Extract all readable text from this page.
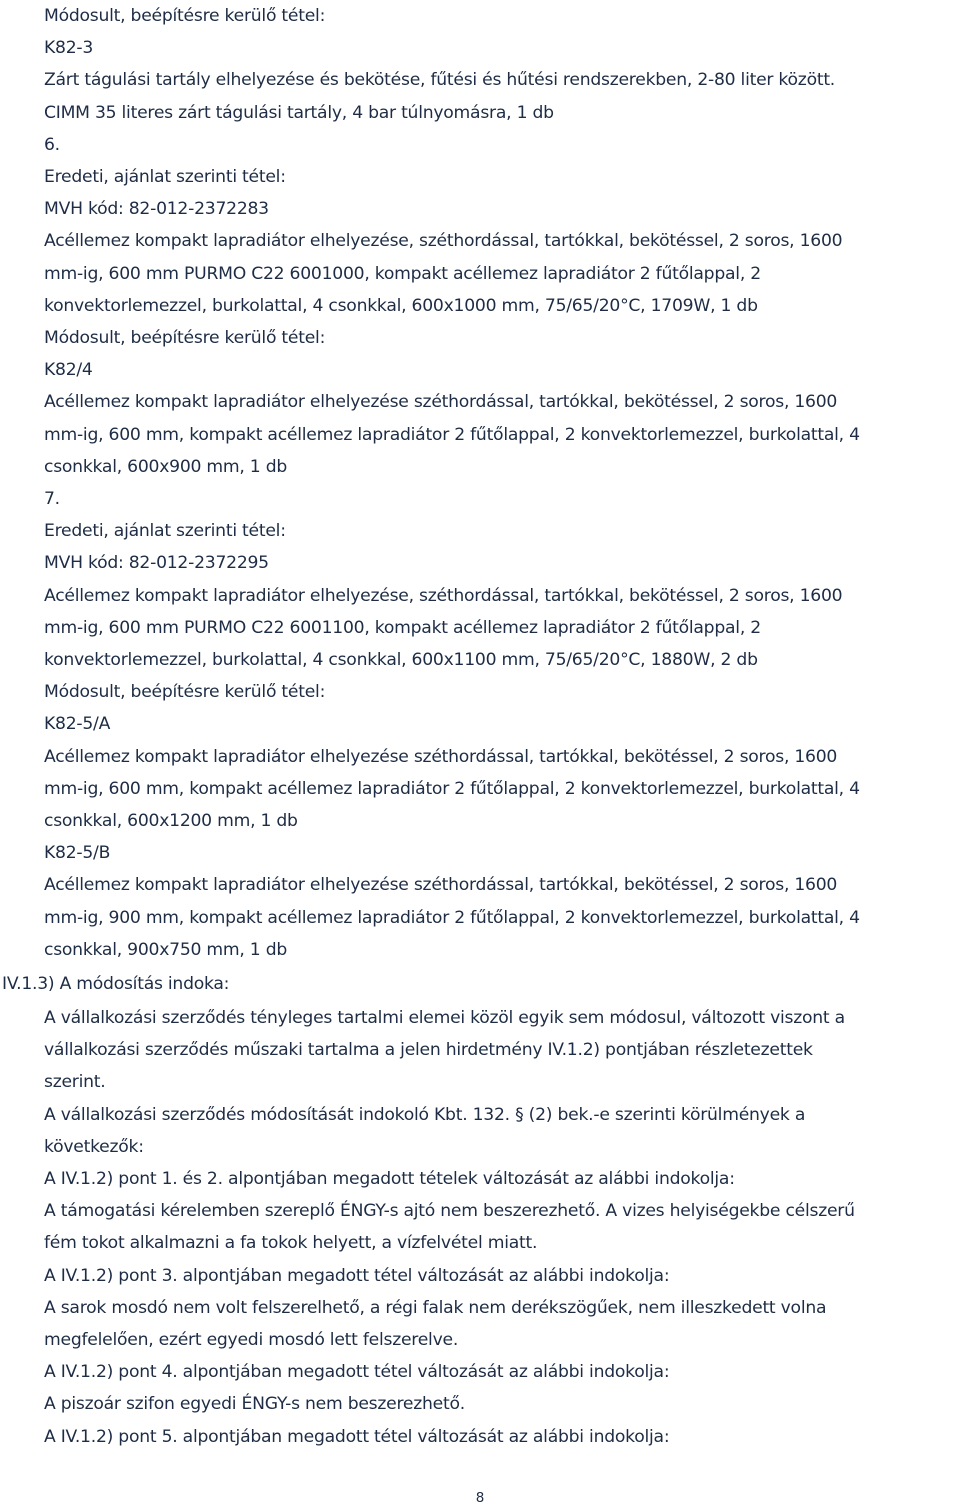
Módosult, beépítésre kerülő tétel:
K82-3
Zárt tágulási tartály elhelyezése és bekötése, fűtési és hűtési rendszerekben, 2-80 liter között.
CIMM 35 literes zárt tágulási tartály, 4 bar túlnyomásra, 1 db
6.
Eredeti, ajánlat szerinti tétel:
MVH kód: 82-012-2372283
Acéllemez kompakt lapradiátor elhelyezése, széthordással, tartókkal, bekötéssel, 2 soros, 1600
mm-ig, 600 mm PURMO C22 6001000, kompakt acéllemez lapradiátor 2 fűtőlappal, 2
konvektorlemezzel, burkolattal, 4 csonkkal, 600x1000 mm, 75/65/20°C, 1709W, 1 db
Módosult, beépítésre kerülő tétel:
K82/4
Acéllemez kompakt lapradiátor elhelyezése széthordással, tartókkal, bekötéssel, 2 soros, 1600
mm-ig, 600 mm, kompakt acéllemez lapradiátor 2 fűtőlappal, 2 konvektorlemezzel, burkolattal, 4
csonkkal, 600x900 mm, 1 db
7.
Eredeti, ajánlat szerinti tétel:
MVH kód: 82-012-2372295
Acéllemez kompakt lapradiátor elhelyezése, széthordással, tartókkal, bekötéssel, 2 soros, 1600
mm-ig, 600 mm PURMO C22 6001100, kompakt acéllemez lapradiátor 2 fűtőlappal, 2
konvektorlemezzel, burkolattal, 4 csonkkal, 600x1100 mm, 75/65/20°C, 1880W, 2 db
Módosult, beépítésre kerülő tétel:
K82-5/A
Acéllemez kompakt lapradiátor elhelyezése széthordással, tartókkal, bekötéssel, 2 soros, 1600
mm-ig, 600 mm, kompakt acéllemez lapradiátor 2 fűtőlappal, 2 konvektorlemezzel, burkolattal, 4
csonkkal, 600x1200 mm, 1 db
K82-5/B
Acéllemez kompakt lapradiátor elhelyezése széthordással, tartókkal, bekötéssel, 2 soros, 1600
mm-ig, 900 mm, kompakt acéllemez lapradiátor 2 fűtőlappal, 2 konvektorlemezzel, burkolattal, 4
csonkkal, 900x750 mm, 1 db
IV.1.3) A módosítás indoka:
A vállalkozási szerződés tényleges tartalmi elemei közöl egyik sem módosul, változott viszont a
vállalkozási szerződés műszaki tartalma a jelen hirdetmény IV.1.2) pontjában részletezettek
szerint.
A vállalkozási szerződés módosítását indokoló Kbt. 132. § (2) bek.-e szerinti körülmények a
következők:
A IV.1.2) pont 1. és 2. alpontjában megadott tételek változását az alábbi indokolja:
A támogatási kérelemben szereplő ÉNGY-s ajtó nem beszerezhető. A vizes helyiségekbe célszerű
fém tokot alkalmazni a fa tokok helyett, a vízfelvétel miatt.
A IV.1.2) pont 3. alpontjában megadott tétel változását az alábbi indokolja:
A sarok mosdó nem volt felszerelhető, a régi falak nem derékszögűek, nem illeszkedett volna
megfelelően, ezért egyedi mosdó lett felszerelve.
A IV.1.2) pont 4. alpontjában megadott tétel változását az alábbi indokolja:
A piszoár szifon egyedi ÉNGY-s nem beszerezhető.
A IV.1.2) pont 5. alpontjában megadott tétel változását az alábbi indokolja:
8
